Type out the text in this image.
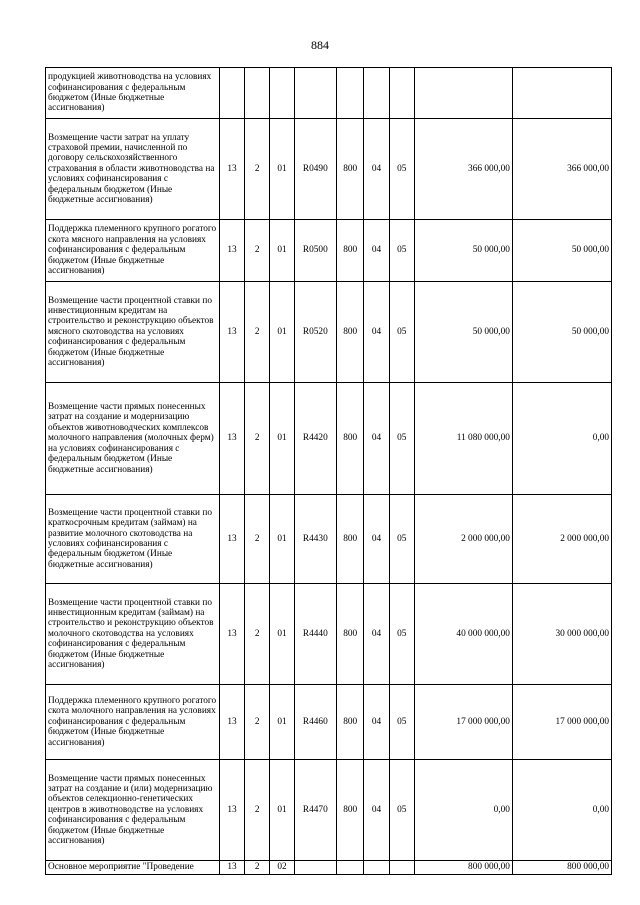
884
продукцией животноводства на условиях софинансирования с федеральным бюджетом (Иные бюджетные ассигнования)									
Возмещение части затрат на уплату страховой премии, начисленной по договору сельскохозяйственного страхования в области животноводства на условиях софинансирования с федеральным бюджетом (Иные бюджетные ассигнования)	13	2	01	R0490	800	04	05	366 000,00	366 000,00
Поддержка племенного крупного рогатого скота мясного направления на условиях софинансирования с федеральным бюджетом (Иные бюджетные ассигнования)	13	2	01	R0500	800	04	05	50 000,00	50 000,00
Возмещение части процентной ставки по инвестиционным кредитам на строительство и реконструкцию объектов мясного скотоводства на условиях софинансирования с федеральным бюджетом (Иные бюджетные ассигнования)	13	2	01	R0520	800	04	05	50 000,00	50 000,00
Возмещение части прямых понесенных затрат на создание и модернизацию объектов животноводческих комплексов молочного направления (молочных ферм) на условиях софинансирования с федеральным бюджетом (Иные бюджетные ассигнования)	13	2	01	R4420	800	04	05	11 080 000,00	0,00
Возмещение части процентной ставки по краткосрочным кредитам (займам) на развитие молочного скотоводства на условиях софинансирования с федеральным бюджетом (Иные бюджетные ассигнования)	13	2	01	R4430	800	04	05	2 000 000,00	2 000 000,00
Возмещение части процентной ставки по инвестиционным кредитам (займам) на строительство и реконструкцию объектов молочного скотоводства на условиях софинансирования с федеральным бюджетом (Иные бюджетные ассигнования)	13	2	01	R4440	800	04	05	40 000 000,00	30 000 000,00
Поддержка племенного крупного рогатого скота молочного направления на условиях софинансирования с федеральным бюджетом (Иные бюджетные ассигнования)	13	2	01	R4460	800	04	05	17 000 000,00	17 000 000,00
Возмещение части прямых понесенных затрат на создание и (или) модернизацию объектов селекционно-генетических центров в животноводстве на условиях софинансирования с федеральным бюджетом (Иные бюджетные ассигнования)	13	2	01	R4470	800	04	05	0,00	0,00
Основное мероприятие "Проведение	13	2	02					800 000,00	800 000,00
